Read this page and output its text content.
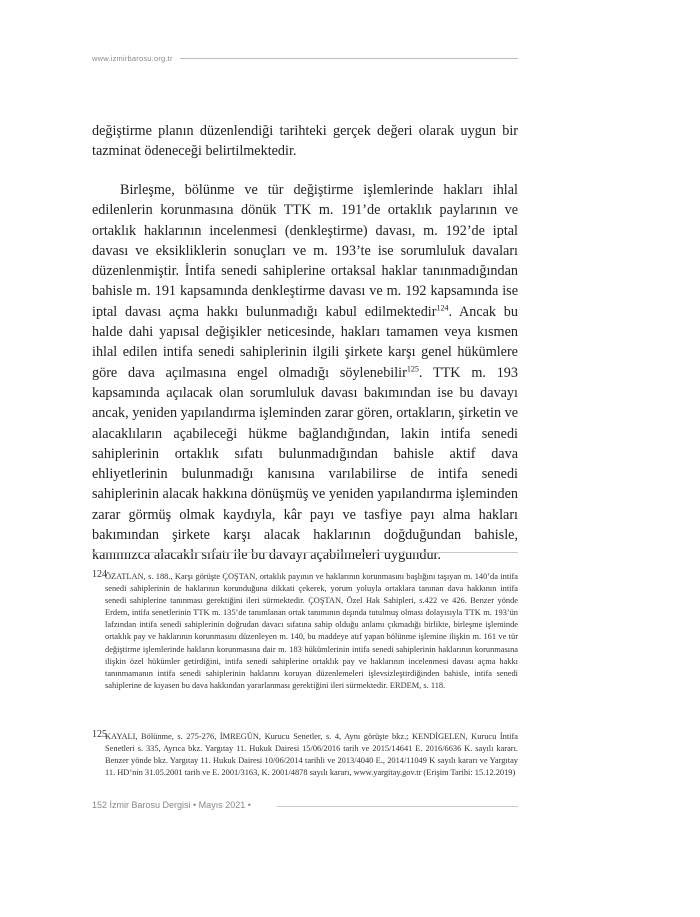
www.izmirbarosu.org.tr
değiştirme planın düzenlendiği tarihteki gerçek değeri olarak uygun bir tazminat ödeneceği belirtilmektedir.
Birleşme, bölünme ve tür değiştirme işlemlerinde hakları ihlal edilenlerin korunmasına dönük TTK m. 191’de ortaklık paylarının ve ortaklık haklarının incelenmesi (denkleştirme) davası, m. 192’de iptal davası ve eksikliklerin sonuçları ve m. 193’te ise sorumluluk davaları düzenlenmiştir. İntifa senedi sahiplerine ortaksal haklar tanınmadığından bahisle m. 191 kapsamında denkleştirme davası ve m. 192 kapsamında ise iptal davası açma hakkı bulunmadığı kabul edilmektedir$^{124}$. Ancak bu halde dahi yapısal değişikler neticesinde, hakları tamamen veya kısmen ihlal edilen intifa senedi sahiplerinin ilgili şirkete karşı genel hükümlere göre dava açılmasına engel olmadığı söylenebilir$^{125}$. TTK m. 193 kapsamında açılacak olan sorumluluk davası bakımından ise bu davayı ancak, yeniden yapılandırma işleminden zarar gören, ortakların, şirketin ve alacaklıların açabileceği hükme bağlandığından, lakin intifa senedi sahiplerinin ortaklık sıfatı bulunmadığından bahisle aktif dava ehliyetlerinin bulunmadığı kanısına varılabilirse de intifa senedi sahiplerinin alacak hakkına dönüşmüş ve yeniden yapılandırma işleminden zarar görmüş olmak kaydıyla, kâr payı ve tasfiye payı alma hakları bakımından şirkete karşı alacak haklarının doğduğundan bahisle, kanımızca alacaklı sıfatı ile bu davayı açabilmeleri uygundur.
124
ÖZATLAN, s. 188., Karşı görüşte ÇOŞTAN, ortaklık payının ve haklarının korunmasını başlığını taşıyan m. 140’da intifa senedi sahiplerinin de haklarının korunduğuna dikkati çekerek, yorum yoluyla ortaklara tanınan dava hakkının intifa senedi sahiplerine tanınması gerektiğini ileri sürmektedir. ÇOŞTAN, Özel Hak Sahipleri, s.422 ve 426. Benzer yönde Erdem, intifa senetlerinin TTK m. 135’de tanımlanan ortak tanımının dışında tutulmuş olması dolayısıyla TTK m. 193’ün lafzından intifa senedi sahiplerinin doğrudan davacı sıfatına sahip olduğu anlamı çıkmadığı birlikte, birleşme işleminde ortaklık pay ve haklarının korunmasını düzenleyen m. 140, bu maddeye atıf yapan bölünme işlemine ilişkin m. 161 ve tür değiştirme işlemlerinde hakların korunmasına dair m. 183 hükümlerinin intifa senedi sahiplerinin haklarının korunmasına ilişkin özel hükümler getirdiğini, intifa senedi sahiplerine ortaklık pay ve haklarının incelenmesi davası açma hakkı tanınmamanın intifa senedi sahiplerinin haklarını koruyan düzenlemeleri işlevsizleştirdiğinden bahisle, intifa senedi sahiplerine de kıyasen bu dava hakkından yararlanması gerektiğini ileri sürmektedir. ERDEM, s. 118.
125
KAYALI, Bölünme, s. 275-276, İMREGÜN, Kurucu Senetler, s. 4, Aynı görüşte bkz.; KENDİGELEN, Kurucu İntifa Senetleri s. 335, Ayrıca bkz. Yargıtay 11. Hukuk Dairesi 15/06/2016 tarih ve 2015/14641 E. 2016/6636 K. sayılı kararı. Benzer yönde bkz. Yargıtay 11. Hukuk Dairesi 10/06/2014 tarihli ve 2013/4040 E., 2014/11049 K sayılı kararı ve Yargıtay 11. HD’nin 31.05.2001 tarih ve E. 2001/3163, K. 2001/4878 sayılı kararı, www.yargitay.gov.tr (Erişim Tarihi: 15.12.2019)
152 İzmir Barosu Dergisi • Mayıs 2021 •
